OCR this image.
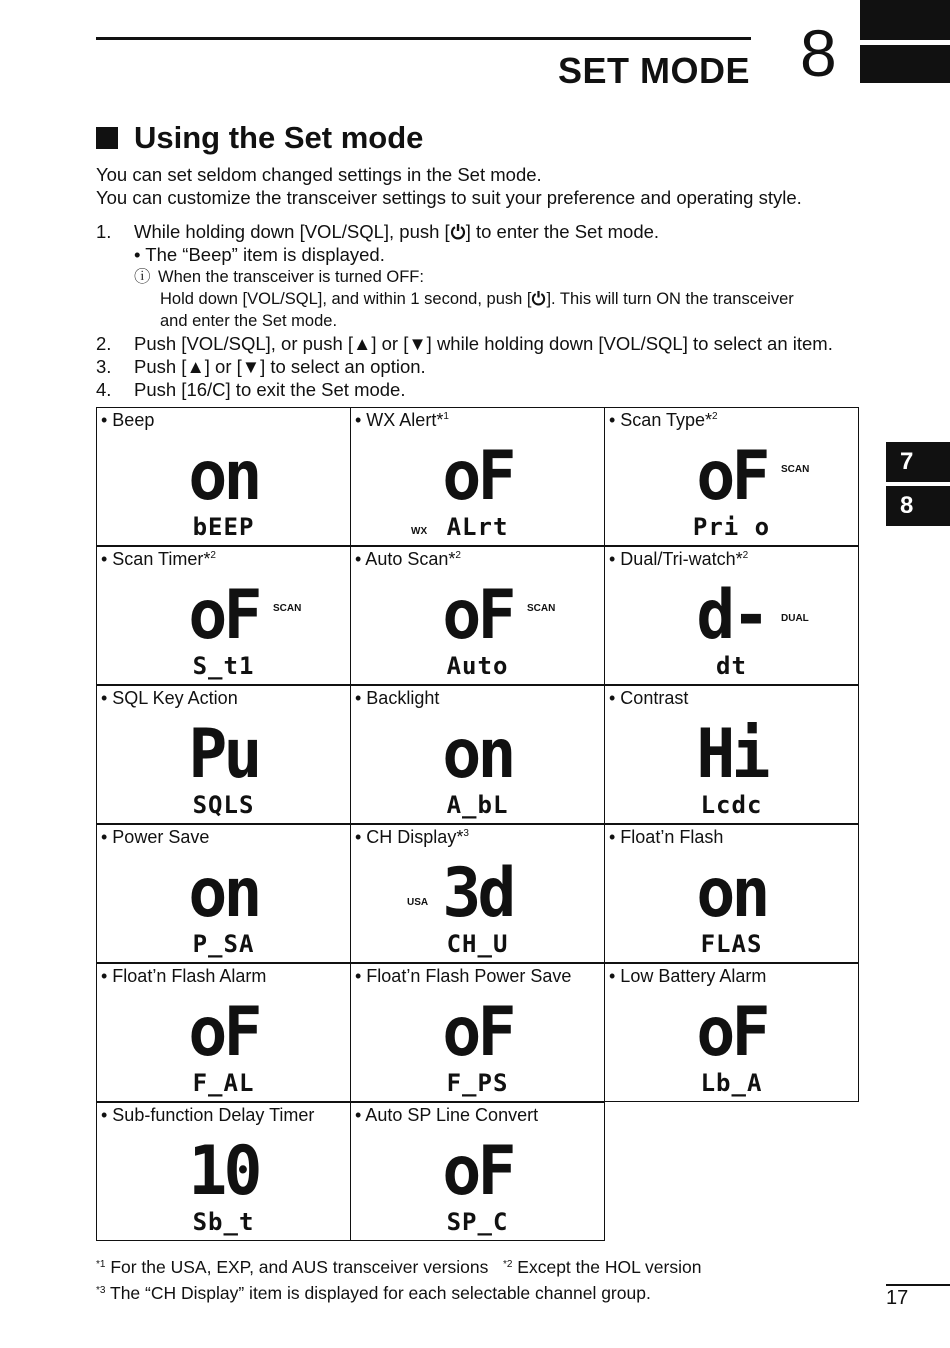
SET MODE 8
7
8
Using the Set mode
You can set seldom changed settings in the Set mode.
You can customize the transceiver settings to suit your preference and operating style.
1.	While holding down [VOL/SQL], push [ ] to enter the Set mode.
• The “Beep” item is displayed.
ⓘ When the transceiver is turned OFF:
Hold down [VOL/SQL], and within 1 second, push [ ]. This will turn ON the transceiver
and enter the Set mode.
2.	Push [VOL/SQL], or push [▲] or [▼] while holding down [VOL/SQL] to select an item.
3.	Push [▲] or [▼] to select an option.
4.	Push [16/C] to exit the Set mode.
• Beep
on
bEEP
• WX Alert*$^1$
oF
ALrt
WX
• Scan Type*$^2$
oF
Pri o
SCAN
• Scan Timer*$^2$
oF
S_t1
SCAN
• Auto Scan*$^2$
oF
Auto
SCAN
• Dual/Tri-watch*$^2$
d-
dt
DUAL
• SQL Key Action
Pu
SQLS
• Backlight
on
A_bL
• Contrast
Hi
Lcdc
• Power Save
on
P_SA
• CH Display*$^3$
3d
CH_U
USA
• Float’n Flash
on
FLAS
• Float’n Flash Alarm
oF
F_AL
• Float’n Flash Power Save
oF
F_PS
• Low Battery Alarm
oF
Lb_A
• Sub-function Delay Timer
10
Sb_t
• Auto SP Line Convert
oF
SP_C
$^{*1}$ For the USA, EXP, and AUS transceiver versions $^{*2}$ Except the HOL version
$^{*3}$ The “CH Display” item is displayed for each selectable channel group.	17
